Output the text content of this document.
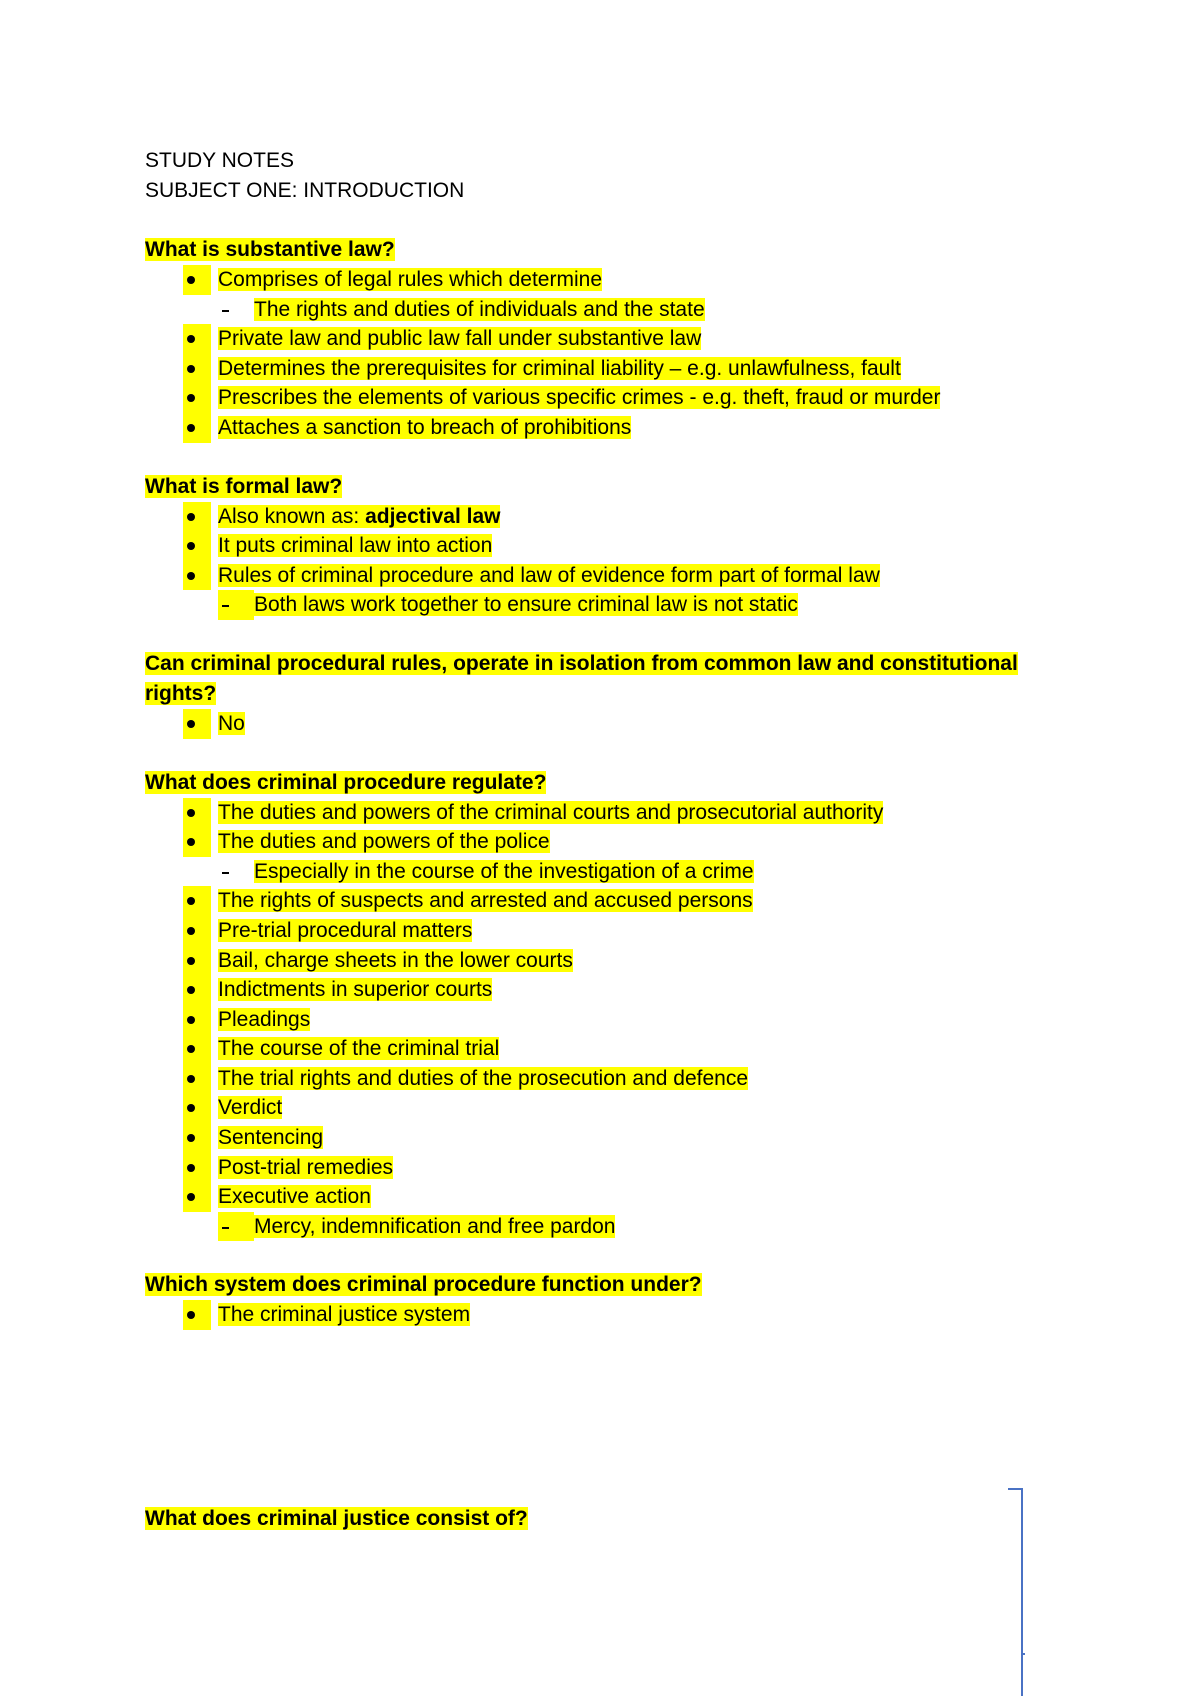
STUDY NOTES
SUBJECT ONE: INTRODUCTION
What is substantive law?
Comprises of legal rules which determine
The rights and duties of individuals and the state
Private law and public law fall under substantive law
Determines the prerequisites for criminal liability – e.g. unlawfulness, fault
Prescribes the elements of various specific crimes - e.g. theft, fraud or murder
Attaches a sanction to breach of prohibitions
What is formal law?
Also known as: adjectival law
It puts criminal law into action
Rules of criminal procedure and law of evidence form part of formal law
Both laws work together to ensure criminal law is not static
Can criminal procedural rules, operate in isolation from common law and constitutional rights?
No
What does criminal procedure regulate?
The duties and powers of the criminal courts and prosecutorial authority
The duties and powers of the police
Especially in the course of the investigation of a crime
The rights of suspects and arrested and accused persons
Pre-trial procedural matters
Bail, charge sheets in the lower courts
Indictments in superior courts
Pleadings
The course of the criminal trial
The trial rights and duties of the prosecution and defence
Verdict
Sentencing
Post-trial remedies
Executive action
Mercy, indemnification and free pardon
Which system does criminal procedure function under?
The criminal justice system
What does criminal justice consist of?
